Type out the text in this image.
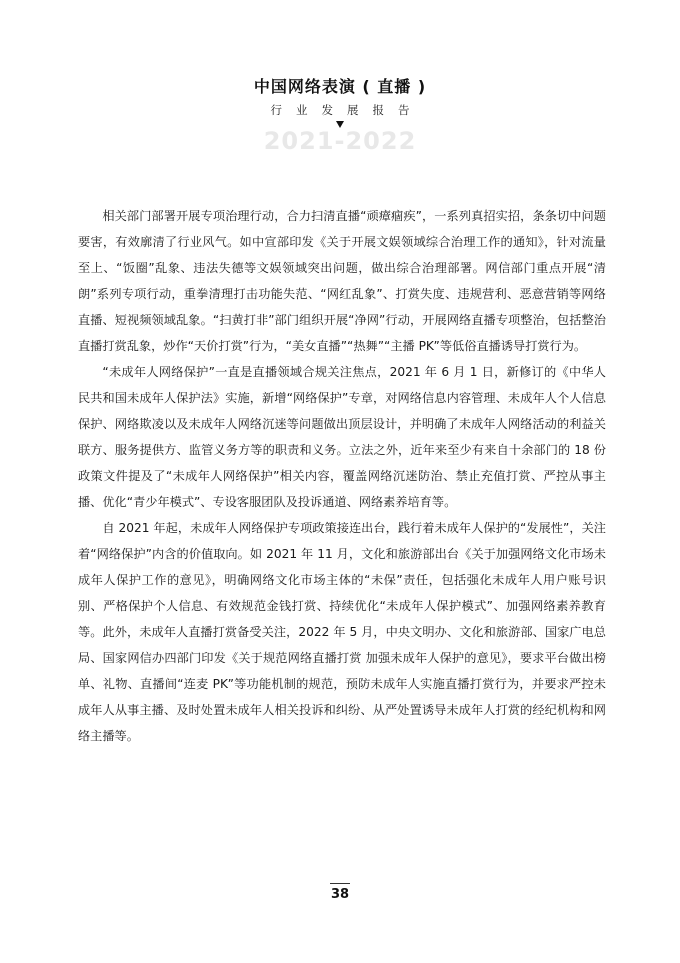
中国网络表演 ( 直播 )
行业发展报告
2021-2022

相关部门部署开展专项治理行动，合力扫清直播“顽瘴痼疾”，一系列真招实招，条条切中问题要害，有效廓清了行业风气。如中宣部印发《关于开展文娱领域综合治理工作的通知》，针对流量至上、“饭圈”乱象、违法失德等文娱领域突出问题，做出综合治理部署。网信部门重点开展“清朗”系列专项行动，重拳清理打击功能失范、“网红乱象”、打赏失度、违规营利、恶意营销等网络直播、短视频领域乱象。“扫黄打非”部门组织开展“净网”行动，开展网络直播专项整治，包括整治直播打赏乱象，炒作“天价打赏”行为，“美女直播”“热舞”“主播 PK”等低俗直播诱导打赏行为。

“未成年人网络保护”一直是直播领域合规关注焦点，2021 年 6 月 1 日，新修订的《中华人民共和国未成年人保护法》实施，新增“网络保护”专章，对网络信息内容管理、未成年人个人信息保护、网络欺凌以及未成年人网络沉迷等问题做出顶层设计，并明确了未成年人网络活动的利益关联方、服务提供方、监管义务方等的职责和义务。立法之外，近年来至少有来自十余部门的 18 份政策文件提及了“未成年人网络保护”相关内容，覆盖网络沉迷防治、禁止充值打赏、严控从事主播、优化“青少年模式”、专设客服团队及投诉通道、网络素养培育等。

自 2021 年起，未成年人网络保护专项政策接连出台，践行着未成年人保护的“发展性”，关注着“网络保护”内含的价值取向。如 2021 年 11 月，文化和旅游部出台《关于加强网络文化市场未成年人保护工作的意见》，明确网络文化市场主体的“未保”责任，包括强化未成年人用户账号识别、严格保护个人信息、有效规范金钱打赏、持续优化“未成年人保护模式”、加强网络素养教育等。此外，未成年人直播打赏备受关注，2022 年 5 月，中央文明办、文化和旅游部、国家广电总局、国家网信办四部门印发《关于规范网络直播打赏 加强未成年人保护的意见》，要求平台做出榜单、礼物、直播间“连麦 PK”等功能机制的规范，预防未成年人实施直播打赏行为，并要求严控未成年人从事主播、及时处置未成年人相关投诉和纠纷、从严处置诱导未成年人打赏的经纪机构和网络主播等。

38
